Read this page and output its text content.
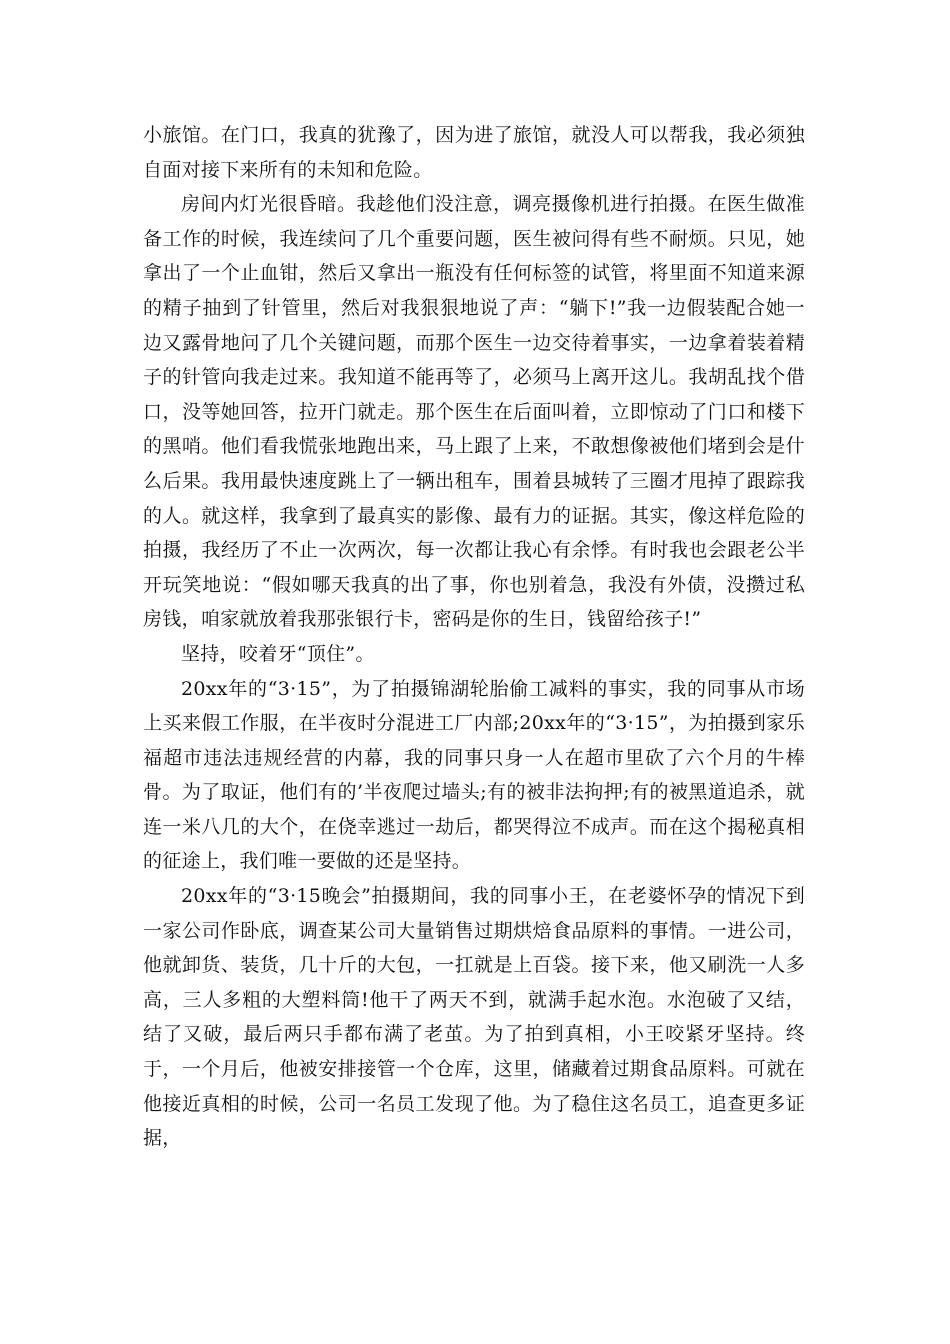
小旅馆。在门口，我真的犹豫了，因为进了旅馆，就没人可以帮我，我必须独自面对接下来所有的未知和危险。

房间内灯光很昏暗。我趁他们没注意，调亮摄像机进行拍摄。在医生做准备工作的时候，我连续问了几个重要问题，医生被问得有些不耐烦。只见，她拿出了一个止血钳，然后又拿出一瓶没有任何标签的试管，将里面不知道来源的精子抽到了针管里，然后对我狠狠地说了声：“躺下!”我一边假装配合她一边又露骨地问了几个关键问题，而那个医生一边交待着事实，一边拿着装着精子的针管向我走过来。我知道不能再等了，必须马上离开这儿。我胡乱找个借口，没等她回答，拉开门就走。那个医生在后面叫着，立即惊动了门口和楼下的黑哨。他们看我慌张地跑出来，马上跟了上来，不敢想像被他们堵到会是什么后果。我用最快速度跳上了一辆出租车，围着县城转了三圈才甩掉了跟踪我的人。就这样，我拿到了最真实的影像、最有力的证据。其实，像这样危险的拍摄，我经历了不止一次两次，每一次都让我心有余悸。有时我也会跟老公半开玩笑地说：“假如哪天我真的出了事，你也别着急，我没有外债，没攒过私房钱，咱家就放着我那张银行卡，密码是你的生日，钱留给孩子!”

坚持，咬着牙“顶住”。

20xx年的“3·15”，为了拍摄锦湖轮胎偷工减料的事实，我的同事从市场上买来假工作服，在半夜时分混进工厂内部;20xx年的“3·15”，为拍摄到家乐福超市违法违规经营的内幕，我的同事只身一人在超市里砍了六个月的牛棒骨。为了取证，他们有的’半夜爬过墙头;有的被非法拘押;有的被黑道追杀，就连一米八几的大个，在侥幸逃过一劫后，都哭得泣不成声。而在这个揭秘真相的征途上，我们唯一要做的还是坚持。

20xx年的“3·15晚会”拍摄期间，我的同事小王，在老婆怀孕的情况下到一家公司作卧底，调查某公司大量销售过期烘焙食品原料的事情。一进公司，他就卸货、装货，几十斤的大包，一扛就是上百袋。接下来，他又刷洗一人多高，三人多粗的大塑料筒!他干了两天不到，就满手起水泡。水泡破了又结，结了又破，最后两只手都布满了老茧。为了拍到真相，小王咬紧牙坚持。终于，一个月后，他被安排接管一个仓库，这里，储藏着过期食品原料。可就在他接近真相的时候，公司一名员工发现了他。为了稳住这名员工，追查更多证据，
